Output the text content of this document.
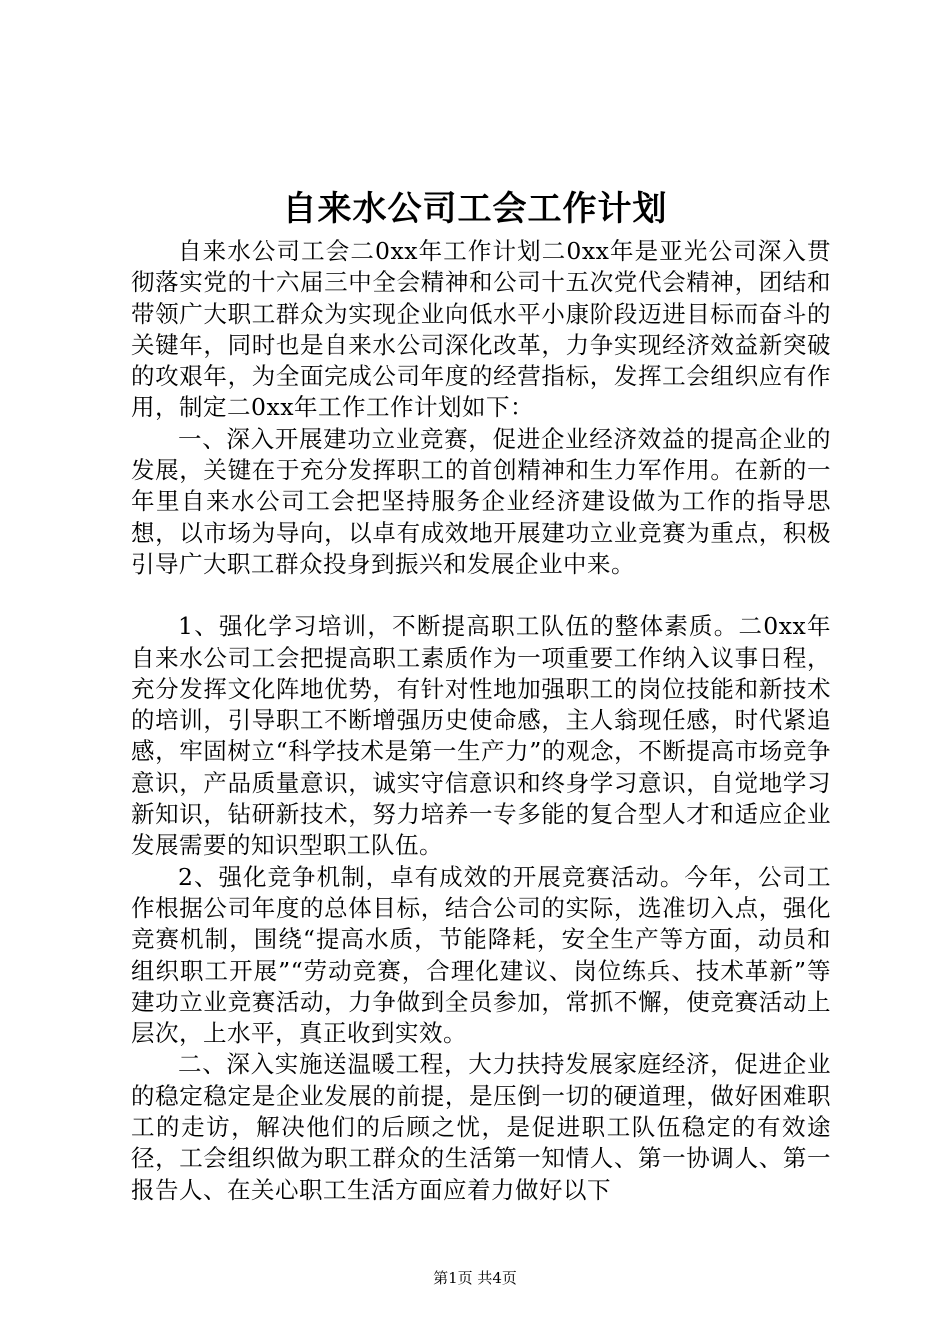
自来水公司工会工作计划

自来水公司工会二0xx年工作计划二0xx年是亚光公司深入贯彻落实党的十六届三中全会精神和公司十五次党代会精神，团结和带领广大职工群众为实现企业向低水平小康阶段迈进目标而奋斗的关键年，同时也是自来水公司深化改革，力争实现经济效益新突破的攻艰年，为全面完成公司年度的经营指标，发挥工会组织应有作用，制定二0xx年工作工作计划如下：

一、深入开展建功立业竞赛，促进企业经济效益的提高企业的发展，关键在于充分发挥职工的首创精神和生力军作用。在新的一年里自来水公司工会把坚持服务企业经济建设做为工作的指导思想，以市场为导向，以卓有成效地开展建功立业竞赛为重点，积极引导广大职工群众投身到振兴和发展企业中来。

1、强化学习培训，不断提高职工队伍的整体素质。二0xx年自来水公司工会把提高职工素质作为一项重要工作纳入议事日程，充分发挥文化阵地优势，有针对性地加强职工的岗位技能和新技术的培训，引导职工不断增强历史使命感，主人翁现任感，时代紧追感，牢固树立“科学技术是第一生产力”的观念，不断提高市场竞争意识，产品质量意识，诚实守信意识和终身学习意识，自觉地学习新知识，钻研新技术，努力培养一专多能的复合型人才和适应企业发展需要的知识型职工队伍。

2、强化竞争机制，卓有成效的开展竞赛活动。今年，公司工作根据公司年度的总体目标，结合公司的实际，选准切入点，强化竞赛机制，围绕“提高水质，节能降耗，安全生产等方面，动员和组织职工开展”“劳动竞赛，合理化建议、岗位练兵、技术革新”等建功立业竞赛活动，力争做到全员参加，常抓不懈，使竞赛活动上层次，上水平，真正收到实效。

二、深入实施送温暖工程，大力扶持发展家庭经济，促进企业的稳定稳定是企业发展的前提，是压倒一切的硬道理，做好困难职工的走访，解决他们的后顾之忧，是促进职工队伍稳定的有效途径，工会组织做为职工群众的生活第一知情人、第一协调人、第一报告人、在关心职工生活方面应着力做好以下

第1页 共4页
